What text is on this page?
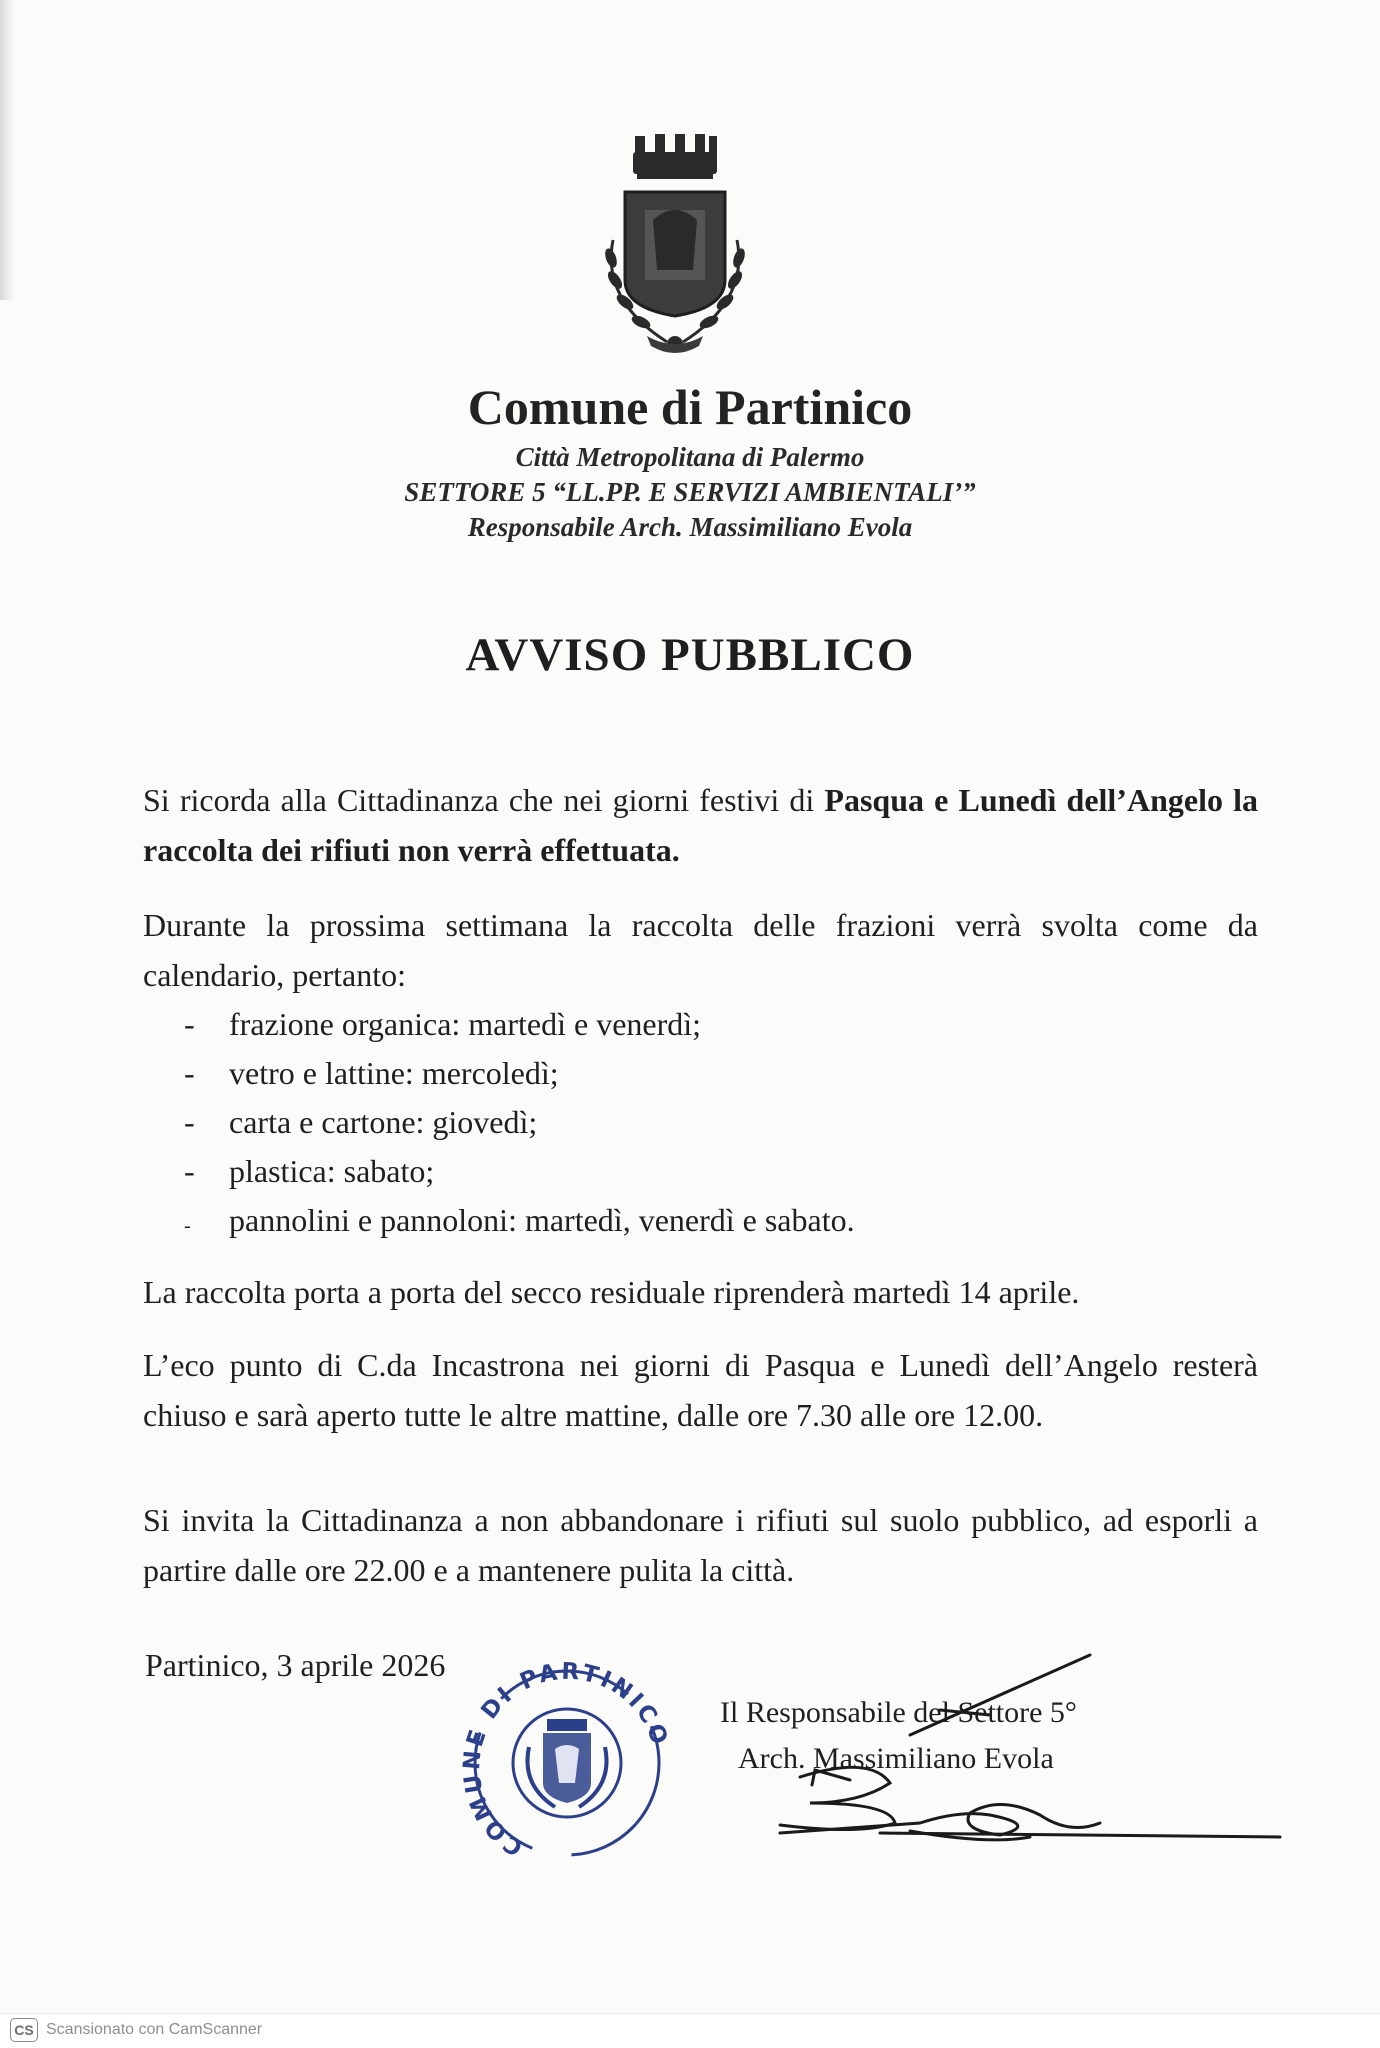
Comune di Partinico
Città Metropolitana di Palermo
SETTORE 5 “LL.PP. E SERVIZI AMBIENTALI’”
Responsabile Arch. Massimiliano Evola
AVVISO PUBBLICO
Si ricorda alla Cittadinanza che nei giorni festivi di Pasqua e Lunedì dell’Angelo la raccolta dei rifiuti non verrà effettuata.
Durante la prossima settimana la raccolta delle frazioni verrà svolta come da calendario, pertanto:
- frazione organica: martedì e venerdì;
- vetro e lattine: mercoledì;
- carta e cartone: giovedì;
- plastica: sabato;
- pannolini e pannoloni: martedì, venerdì e sabato.
La raccolta porta a porta del secco residuale riprenderà martedì 14 aprile.
L’eco punto di C.da Incastrona nei giorni di Pasqua e Lunedì dell’Angelo resterà chiuso e sarà aperto tutte le altre mattine, dalle ore 7.30 alle ore 12.00.
Si invita la Cittadinanza a non abbandonare i rifiuti sul suolo pubblico, ad esporli a partire dalle ore 22.00 e a mantenere pulita la città.
Partinico, 3 aprile 2026
COMUNE DI PARTINICO
Il Responsabile del Settore 5°
Arch. Massimiliano Evola
CS Scansionato con CamScanner
